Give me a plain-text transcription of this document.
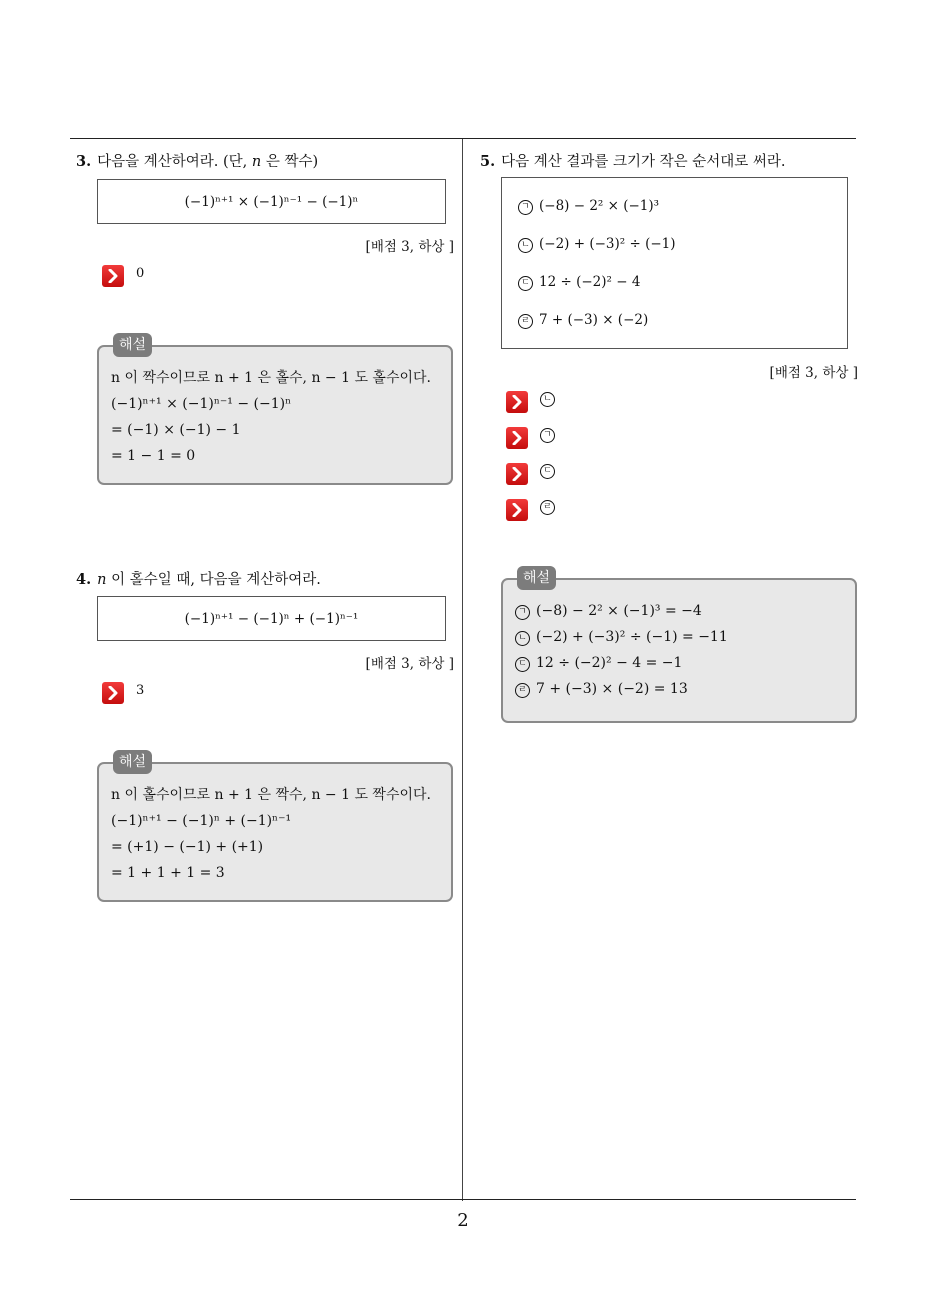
3. 다음을 계산하여라. (단, n 은 짝수)
(−1)ⁿ⁺¹ × (−1)ⁿ⁻¹ − (−1)ⁿ
[배점 3, 하상 ]
0
해설
n 이 짝수이므로 n + 1 은 홀수, n − 1 도 홀수이다.
(−1)ⁿ⁺¹ × (−1)ⁿ⁻¹ − (−1)ⁿ
= (−1) × (−1) − 1
= 1 − 1 = 0
4. n 이 홀수일 때, 다음을 계산하여라.
(−1)ⁿ⁺¹ − (−1)ⁿ + (−1)ⁿ⁻¹
[배점 3, 하상 ]
3
해설
n 이 홀수이므로 n + 1 은 짝수, n − 1 도 짝수이다.
(−1)ⁿ⁺¹ − (−1)ⁿ + (−1)ⁿ⁻¹
= (+1) − (−1) + (+1)
= 1 + 1 + 1 = 3
5. 다음 계산 결과를 크기가 작은 순서대로 써라.
ㄱ (−8) − 2² × (−1)³
ㄴ (−2) + (−3)² ÷ (−1)
ㄷ 12 ÷ (−2)² − 4
ㄹ 7 + (−3) × (−2)
[배점 3, 하상 ]
ㄴ
ㄱ
ㄷ
ㄹ
해설
ㄱ (−8) − 2² × (−1)³ = −4
ㄴ (−2) + (−3)² ÷ (−1) = −11
ㄷ 12 ÷ (−2)² − 4 = −1
ㄹ 7 + (−3) × (−2) = 13
2
